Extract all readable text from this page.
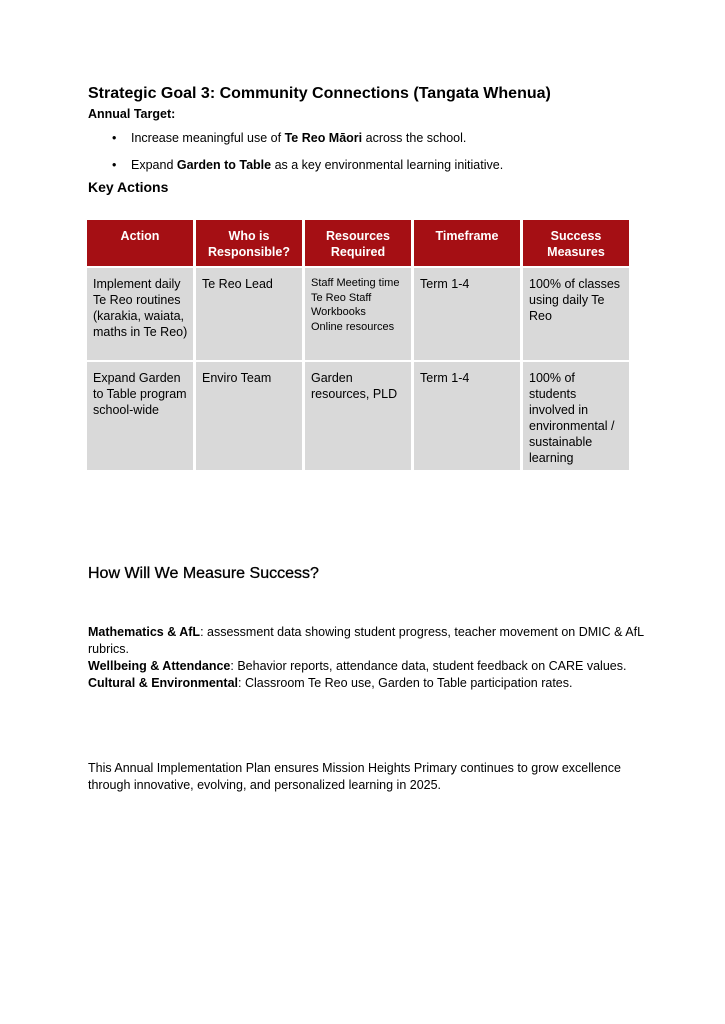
Strategic Goal 3: Community Connections (Tangata Whenua)
Annual Target:
• Increase meaningful use of Te Reo Māori across the school.
• Expand Garden to Table as a key environmental learning initiative.
Key Actions
Action	Who is Responsible?	Resources Required	Timeframe	Success Measures
Implement daily Te Reo routines (karakia, waiata, maths in Te Reo)	Te Reo Lead	Staff Meeting time
Te Reo Staff
Workbooks
Online resources	Term 1-4	100% of classes using daily Te Reo
Expand Garden to Table program school-wide	Enviro Team	Garden resources, PLD	Term 1-4	100% of students involved in environmental / sustainable learning
How Will We Measure Success?

Mathematics & AfL: assessment data showing student progress, teacher movement on DMIC & AfL rubrics.

Wellbeing & Attendance: Behavior reports, attendance data, student feedback on CARE values.

Cultural & Environmental: Classroom Te Reo use, Garden to Table participation rates.

This Annual Implementation Plan ensures Mission Heights Primary continues to grow excellence through innovative, evolving, and personalized learning in 2025.
